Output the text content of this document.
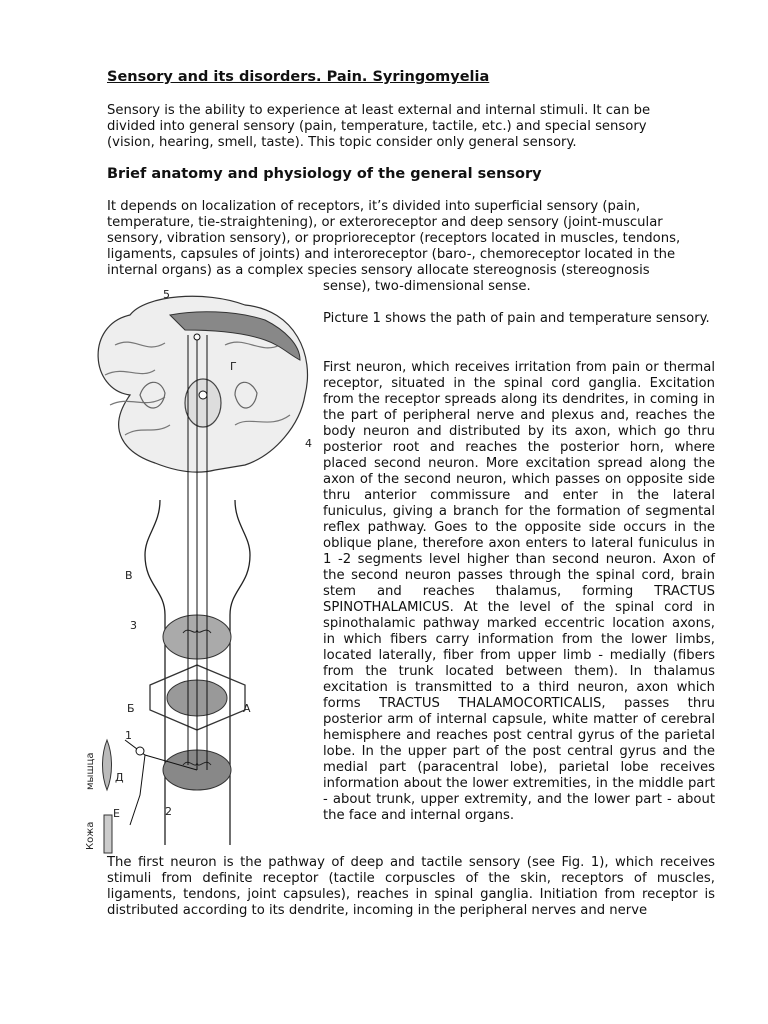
Sensory and its disorders. Pain. Syringomyelia

Sensory is the ability to experience at least external and internal stimuli. It can be divided into general sensory (pain, temperature, tactile, etc.) and special sensory (vision, hearing, smell, taste). This topic consider only general sensory.

Brief anatomy and physiology of the general sensory

It depends on localization of receptors, it’s divided into superficial sensory (pain, temperature, tie-straightening), or exteroreceptor and deep sensory (joint-muscular sensory, vibration sensory), or proprioreceptor (receptors located in muscles, tendons, ligaments, capsules of joints) and interoreceptor (baro-, chemoreceptor located in the internal organs) as a complex species sensory allocate stereognosis (stereognosis

sense), two-dimensional sense.

Picture 1 shows the path of pain and temperature sensory.

First neuron, which receives irritation from pain or thermal receptor, situated in the spinal cord ganglia. Excitation from the receptor spreads along its dendrites, in coming in the part of peripheral nerve and plexus and, reaches the body neuron and distributed by its axon, which go thru posterior root and reaches the posterior horn, where placed second neuron. More excitation spread along the axon of the second neuron, which passes on opposite side thru anterior commissure and enter in the lateral funiculus, giving a branch for the formation of segmental reflex pathway. Goes to the opposite side occurs in the oblique plane, therefore axon enters to lateral funiculus in 1 -2 segments level higher than second neuron. Axon of the second neuron passes through the spinal cord, brain stem and reaches thalamus, forming TRACTUS SPINOTHALAMICUS. At the level of the spinal cord in spinothalamic pathway marked eccentric location axons, in which fibers carry information from the lower limbs, located laterally, fiber from upper limb - medially (fibers from the trunk located between them). In thalamus excitation is transmitted to a third neuron, axon which forms TRACTUS THALAMOCORTICALIS, passes thru posterior arm of internal capsule, white matter of cerebral hemisphere and reaches post central gyrus of the parietal lobe. In the upper part of the post central gyrus and the medial part (paracentral lobe), parietal lobe receives information about the lower extremities, in the middle part - about trunk, upper extremity, and the lower part - about the face and internal organs.

5
Г
4
В
3
Б	А
1
Д
Е	2
мышца
Кожа

The first neuron is the pathway of deep and tactile sensory (see Fig. 1), which receives stimuli from definite receptor (tactile corpuscles of the skin, receptors of muscles, ligaments, tendons, joint capsules), reaches in spinal ganglia. Initiation from receptor is distributed according to its dendrite, incoming in the peripheral nerves and nerve
